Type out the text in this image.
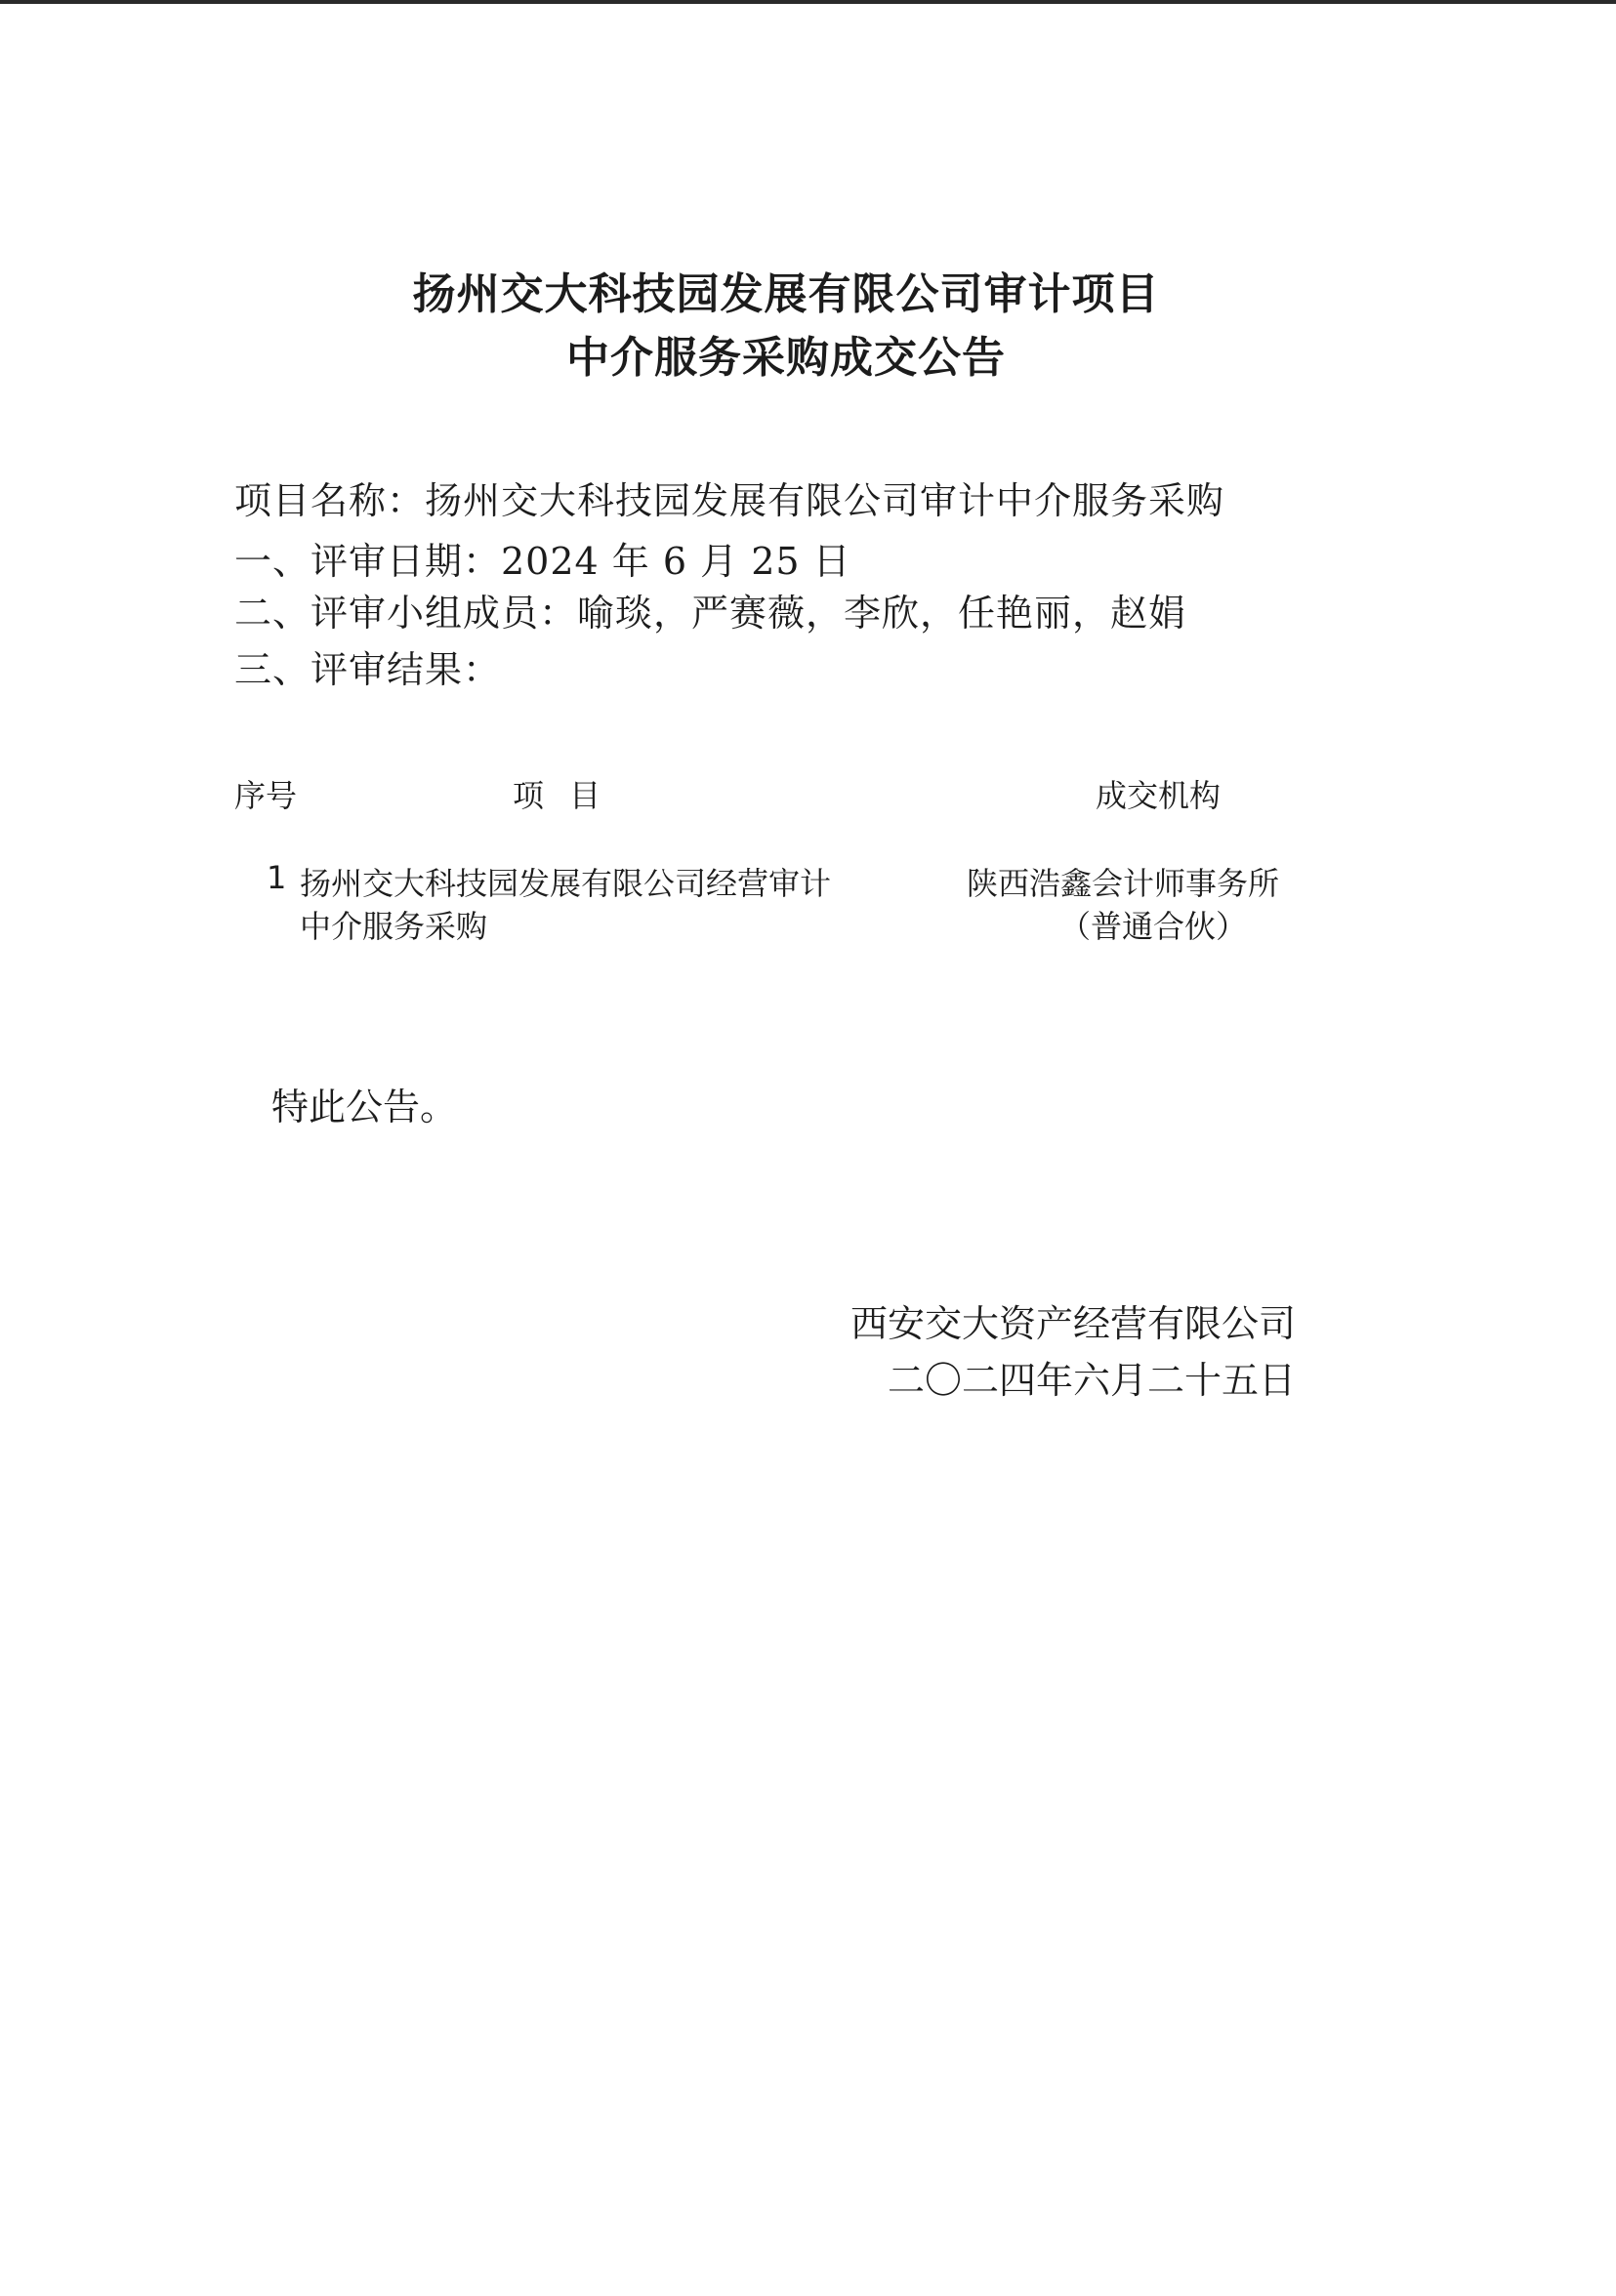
扬州交大科技园发展有限公司审计项目
中介服务采购成交公告
项目名称：扬州交大科技园发展有限公司审计中介服务采购
一、评审日期：2024 年 6 月 25 日
二、评审小组成员：喻琰，严赛薇，李欣，任艳丽，赵娟
三、评审结果：
序号	项目	成交机构
1 扬州交大科技园发展有限公司经营审计
中介服务采购
陕西浩鑫会计师事务所
（普通合伙）
特此公告。
西安交大资产经营有限公司
二〇二四年六月二十五日
